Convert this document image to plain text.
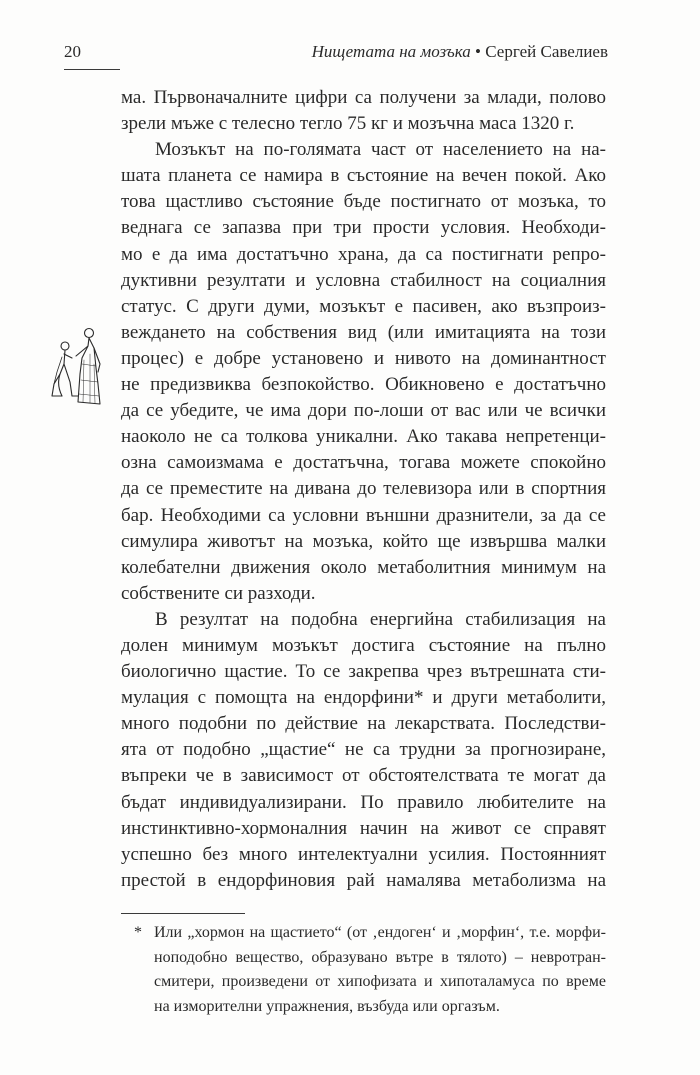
20	Нищетата на мозъка • Сергей Савелиев
ма. Първоначалните цифри са получени за млади, полово
зрели мъже с телесно тегло 75 кг и мозъчна маса 1320 г.
Мозъкът на по-голямата част от населението на на-
шата планета се намира в състояние на вечен покой. Ако
това щастливо състояние бъде постигнато от мозъка, то
веднага се запазва при три прости условия. Необходи-
мо е да има достатъчно храна, да са постигнати репро-
дуктивни резултати и условна стабилност на социалния
статус. С други думи, мозъкът е пасивен, ако възпроиз-
веждането на собствения вид (или имитацията на този
процес) е добре установено и нивото на доминантност
не предизвиква безпокойство. Обикновено е достатъчно
да се убедите, че има дори по-лоши от вас или че всички
наоколо не са толкова уникални. Ако такава непретенци-
озна самоизмама е достатъчна, тогава можете спокойно
да се преместите на дивана до телевизора или в спортния
бар. Необходими са условни външни дразнители, за да се
симулира животът на мозъка, който ще извършва малки
колебателни движения около метаболитния минимум на
собствените си разходи.
В резултат на подобна енергийна стабилизация на
долен минимум мозъкът достига състояние на пълно
биологично щастие. То се закрепва чрез вътрешната сти-
мулация с помощта на ендорфини* и други метаболити,
много подобни по действие на лекарствата. Последстви-
ята от подобно „щастие“ не са трудни за прогнозиране,
въпреки че в зависимост от обстоятелствата те могат да
бъдат индивидуализирани. По правило любителите на
инстинктивно-хормоналния начин на живот се справят
успешно без много интелектуални усилия. Постоянният
престой в ендорфиновия рай намалява метаболизма на
* Или „хормон на щастието“ (от ‚ендоген‘ и ‚морфин‘, т.е. морфи-
ноподобно вещество, образувано вътре в тялото) – невротран-
смитери, произведени от хипофизата и хипоталамуса по време
на изморителни упражнения, възбуда или оргазъм.
